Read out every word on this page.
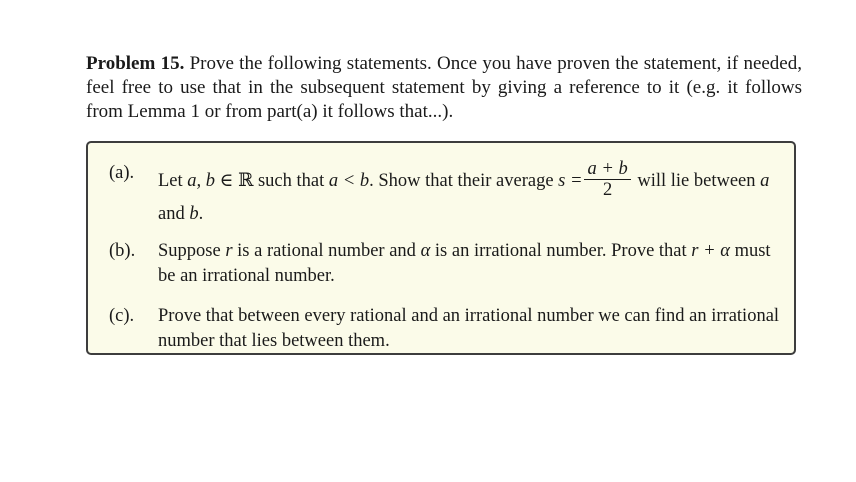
Problem 15. Prove the following statements. Once you have proven the statement, if needed, feel free to use that in the subsequent statement by giving a reference to it (e.g. it follows from Lemma 1 or from part(a) it follows that...).

(a). Let a, b ∈ ℝ such that a < b. Show that their average $s = \frac{a + b}{2}$ will lie between a
and b.
(b). Suppose r is a rational number and α is an irrational number. Prove that r + α must be an irrational number.
(c). Prove that between every rational and an irrational number we can find an irrational number that lies between them.
